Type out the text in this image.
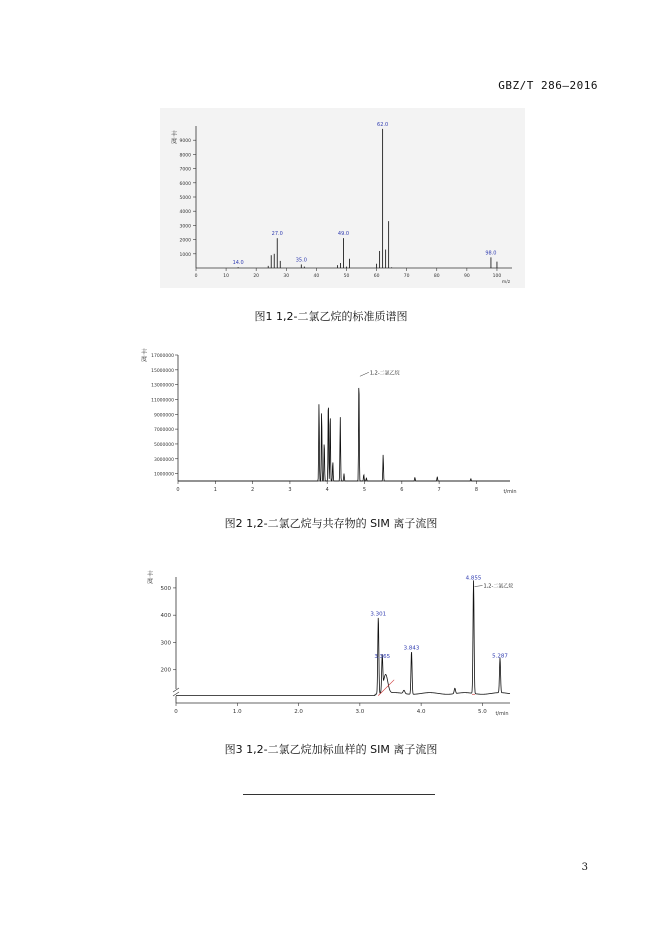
GBZ/T 286—2016
丰
度
1000
2000
3000
4000
5000
6000
7000
8000
9000
0	10	20	30	40	50	60	70	80	90	100
m/z
14.0
27.0
35.0
49.0
62.0
98.0
图1 1,2-二氯乙烷的标准质谱图
丰
度
1000000
3000000
5000000
7000000
9000000
11000000
13000000
15000000
17000000
0	1	2	3	4	5	6	7	8	t/min
1,2-二氯乙烷
图2 1,2-二氯乙烷与共存物的 SIM 离子流图
丰
度
200
300
400
500
0	1.0	2.0	3.0	4.0	5.0 t/min
3.301
3.365
3.843
4.855
5.287
1,2-二氯乙烷
图3 1,2-二氯乙烷加标血样的 SIM 离子流图
3
